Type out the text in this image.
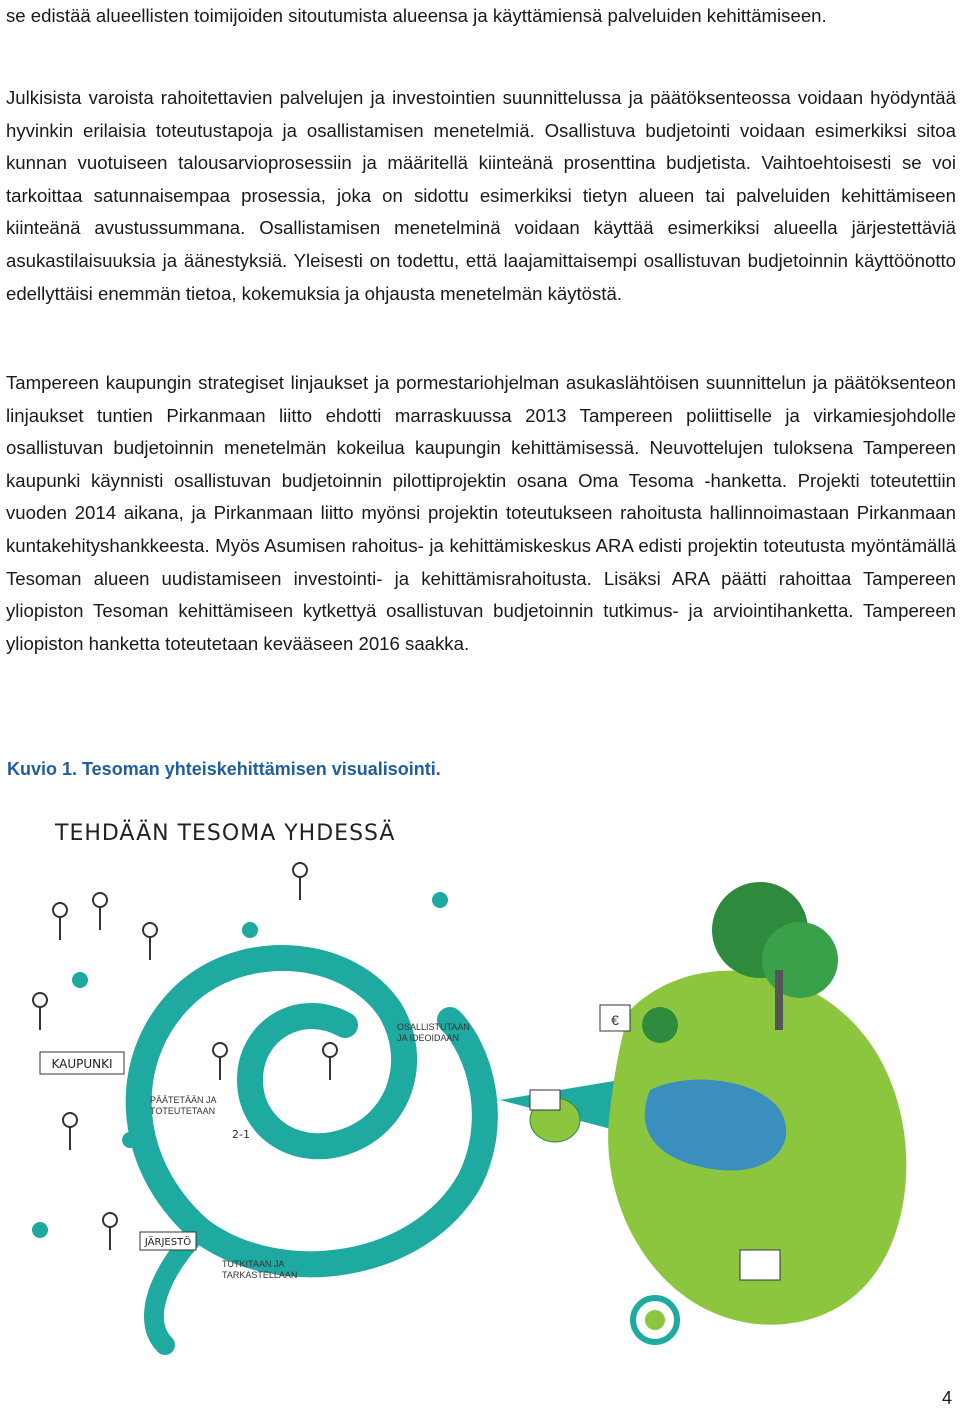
se edistää alueellisten toimijoiden sitoutumista alueensa ja käyttämiensä palveluiden kehittämiseen.

Julkisista varoista rahoitettavien palvelujen ja investointien suunnittelussa ja päätöksenteossa voidaan hyödyntää hyvinkin erilaisia toteutustapoja ja osallistamisen menetelmiä. Osallistuva budjetointi voidaan esimerkiksi sitoa kunnan vuotuiseen talousarvioprosessiin ja määritellä kiinteänä prosenttina budjetista. Vaihtoehtoisesti se voi tarkoittaa satunnaisempaa prosessia, joka on sidottu esimerkiksi tietyn alueen tai palveluiden kehittämiseen kiinteänä avustussummana. Osallistamisen menetelminä voidaan käyttää esimerkiksi alueella järjestettäviä asukastilaisuuksia ja äänestyksiä. Yleisesti on todettu, että laajamittaisempi osallistuvan budjetoinnin käyttöönotto edellyttäisi enemmän tietoa, kokemuksia ja ohjausta menetelmän käytöstä.

Tampereen kaupungin strategiset linjaukset ja pormestariohjelman asukaslähtöisen suunnittelun ja päätöksenteon linjaukset tuntien Pirkanmaan liitto ehdotti marraskuussa 2013 Tampereen poliittiselle ja virkamiesjohdolle osallistuvan budjetoinnin menetelmän kokeilua kaupungin kehittämisessä. Neuvottelujen tuloksena Tampereen kaupunki käynnisti osallistuvan budjetoinnin pilottiprojektin osana Oma Tesoma -hanketta. Projekti toteutettiin vuoden 2014 aikana, ja Pirkanmaan liitto myönsi projektin toteutukseen rahoitusta hallinnoimastaan Pirkanmaan kuntakehityshankkeesta. Myös Asumisen rahoitus- ja kehittämiskeskus ARA edisti projektin toteutusta myöntämällä Tesoman alueen uudistamiseen investointi- ja kehittämisrahoitusta. Lisäksi ARA päätti rahoittaa Tampereen yliopiston Tesoman kehittämiseen kytkettyä osallistuvan budjetoinnin tutkimus- ja arviointihanketta. Tampereen yliopiston hanketta toteutetaan kevääseen 2016 saakka.

Kuvio 1. Tesoman yhteiskehittämisen visualisointi.
TEHDÄÄN TESOMA YHDESSÄ
€
KAUPUNKI
OSALLISTUTAAN
JA IDEOIDAAN
PÄÄTETÄÄN JA
TOTEUTETAAN
2-1
JÄRJESTÖ
TUTKITAAN JA
TARKASTELLAAN
4
